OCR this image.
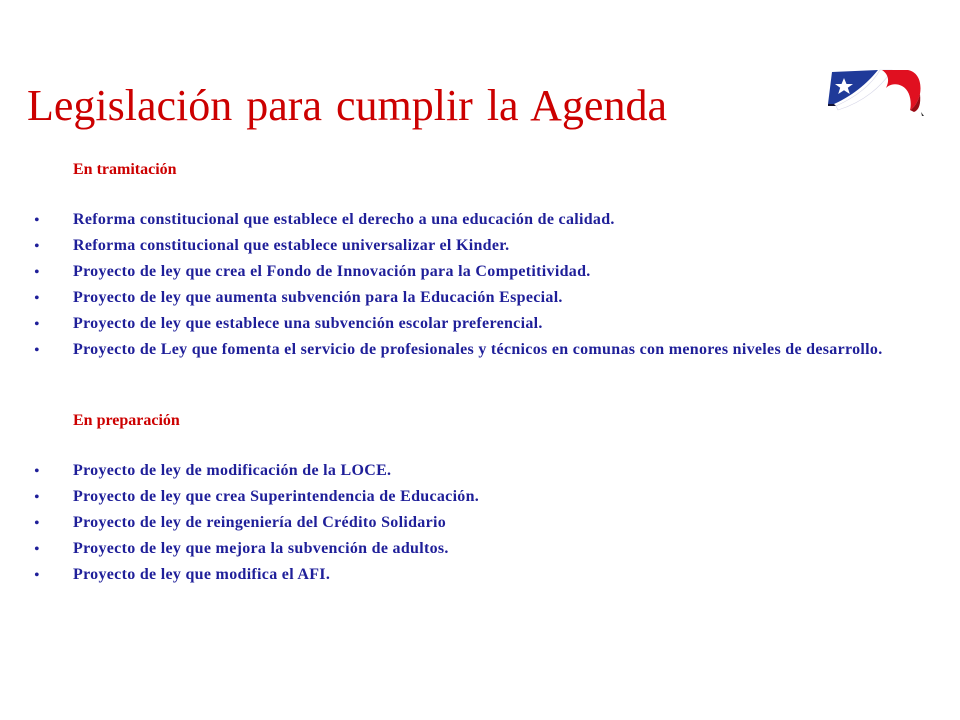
Legislación para cumplir la Agenda
En tramitación
•	Reforma constitucional que establece el derecho a una educación de calidad.
•	Reforma constitucional que establece universalizar el Kinder.
•	Proyecto de ley que crea el Fondo de Innovación para la Competitividad.
•	Proyecto de ley que aumenta subvención para la Educación Especial.
•	Proyecto de ley que establece una subvención escolar preferencial.
•	Proyecto de Ley que fomenta el servicio de profesionales y técnicos en comunas con menores niveles de desarrollo.
En preparación
•	Proyecto de ley de modificación de la LOCE.
•	Proyecto de ley que crea Superintendencia de Educación.
•	Proyecto de ley de reingeniería del Crédito Solidario
•	Proyecto de ley que mejora la subvención de adultos.
•	Proyecto de ley que modifica el AFI.
